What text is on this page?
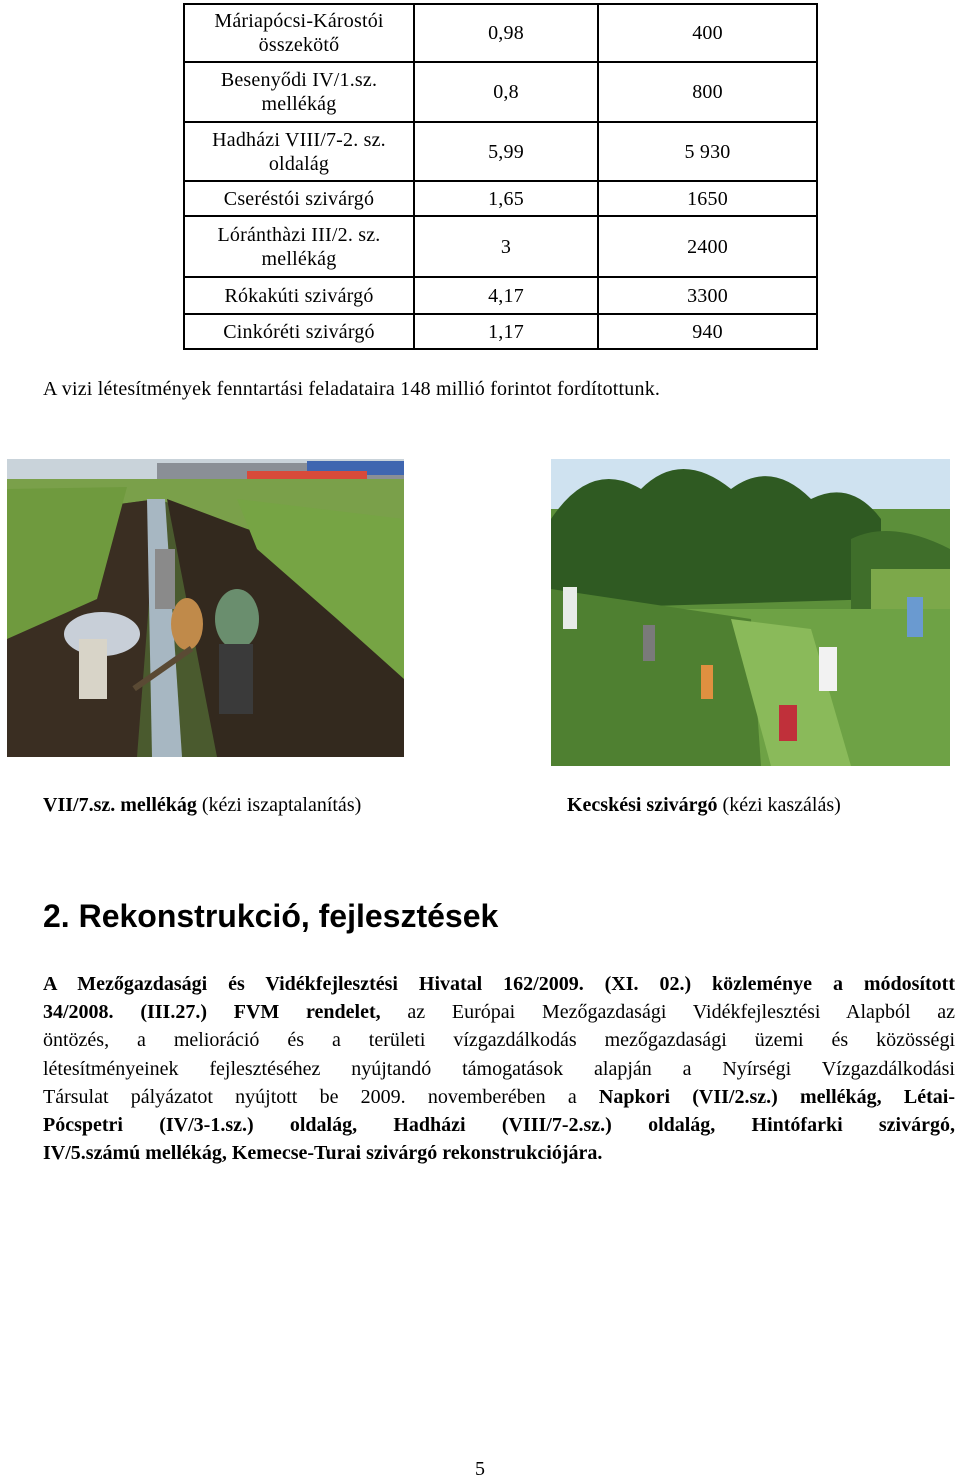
Máriapócsi-Károstói
összekötő	0,98	400
Besenyődi IV/1.sz.
mellékág	0,8	800
Hadházi VIII/7-2. sz.
oldalág	5,99	5 930
Cseréstói szivárgó	1,65	1650
Lóránthàzi III/2. sz.
mellékág	3	2400
Rókakúti szivárgó	4,17	3300
Cinkóréti szivárgó	1,17	940
A vizi létesítmények fenntartási feladataira 148 millió forintot fordítottunk.
VII/7.sz. mellékág (kézi iszaptalanítás)	Kecskési szivárgó (kézi kaszálás)
2. Rekonstrukció, fejlesztések
A Mezőgazdasági és Vidékfejlesztési Hivatal 162/2009. (XI. 02.) közleménye a módosított
34/2008. (III.27.) FVM rendelet, az Európai Mezőgazdasági Vidékfejlesztési Alapból az
öntözés, a melioráció és a területi vízgazdálkodás mezőgazdasági üzemi és közösségi
létesítményeinek fejlesztéséhez nyújtandó támogatások alapján a Nyírségi Vízgazdálkodási
Társulat pályázatot nyújtott be 2009. novemberében a Napkori (VII/2.sz.) mellékág, Létai-
Pócspetri (IV/3-1.sz.) oldalág, Hadházi (VIII/7-2.sz.) oldalág, Hintófarki szivárgó,
IV/5.számú mellékág, Kemecse-Turai szivárgó rekonstrukciójára.
5
